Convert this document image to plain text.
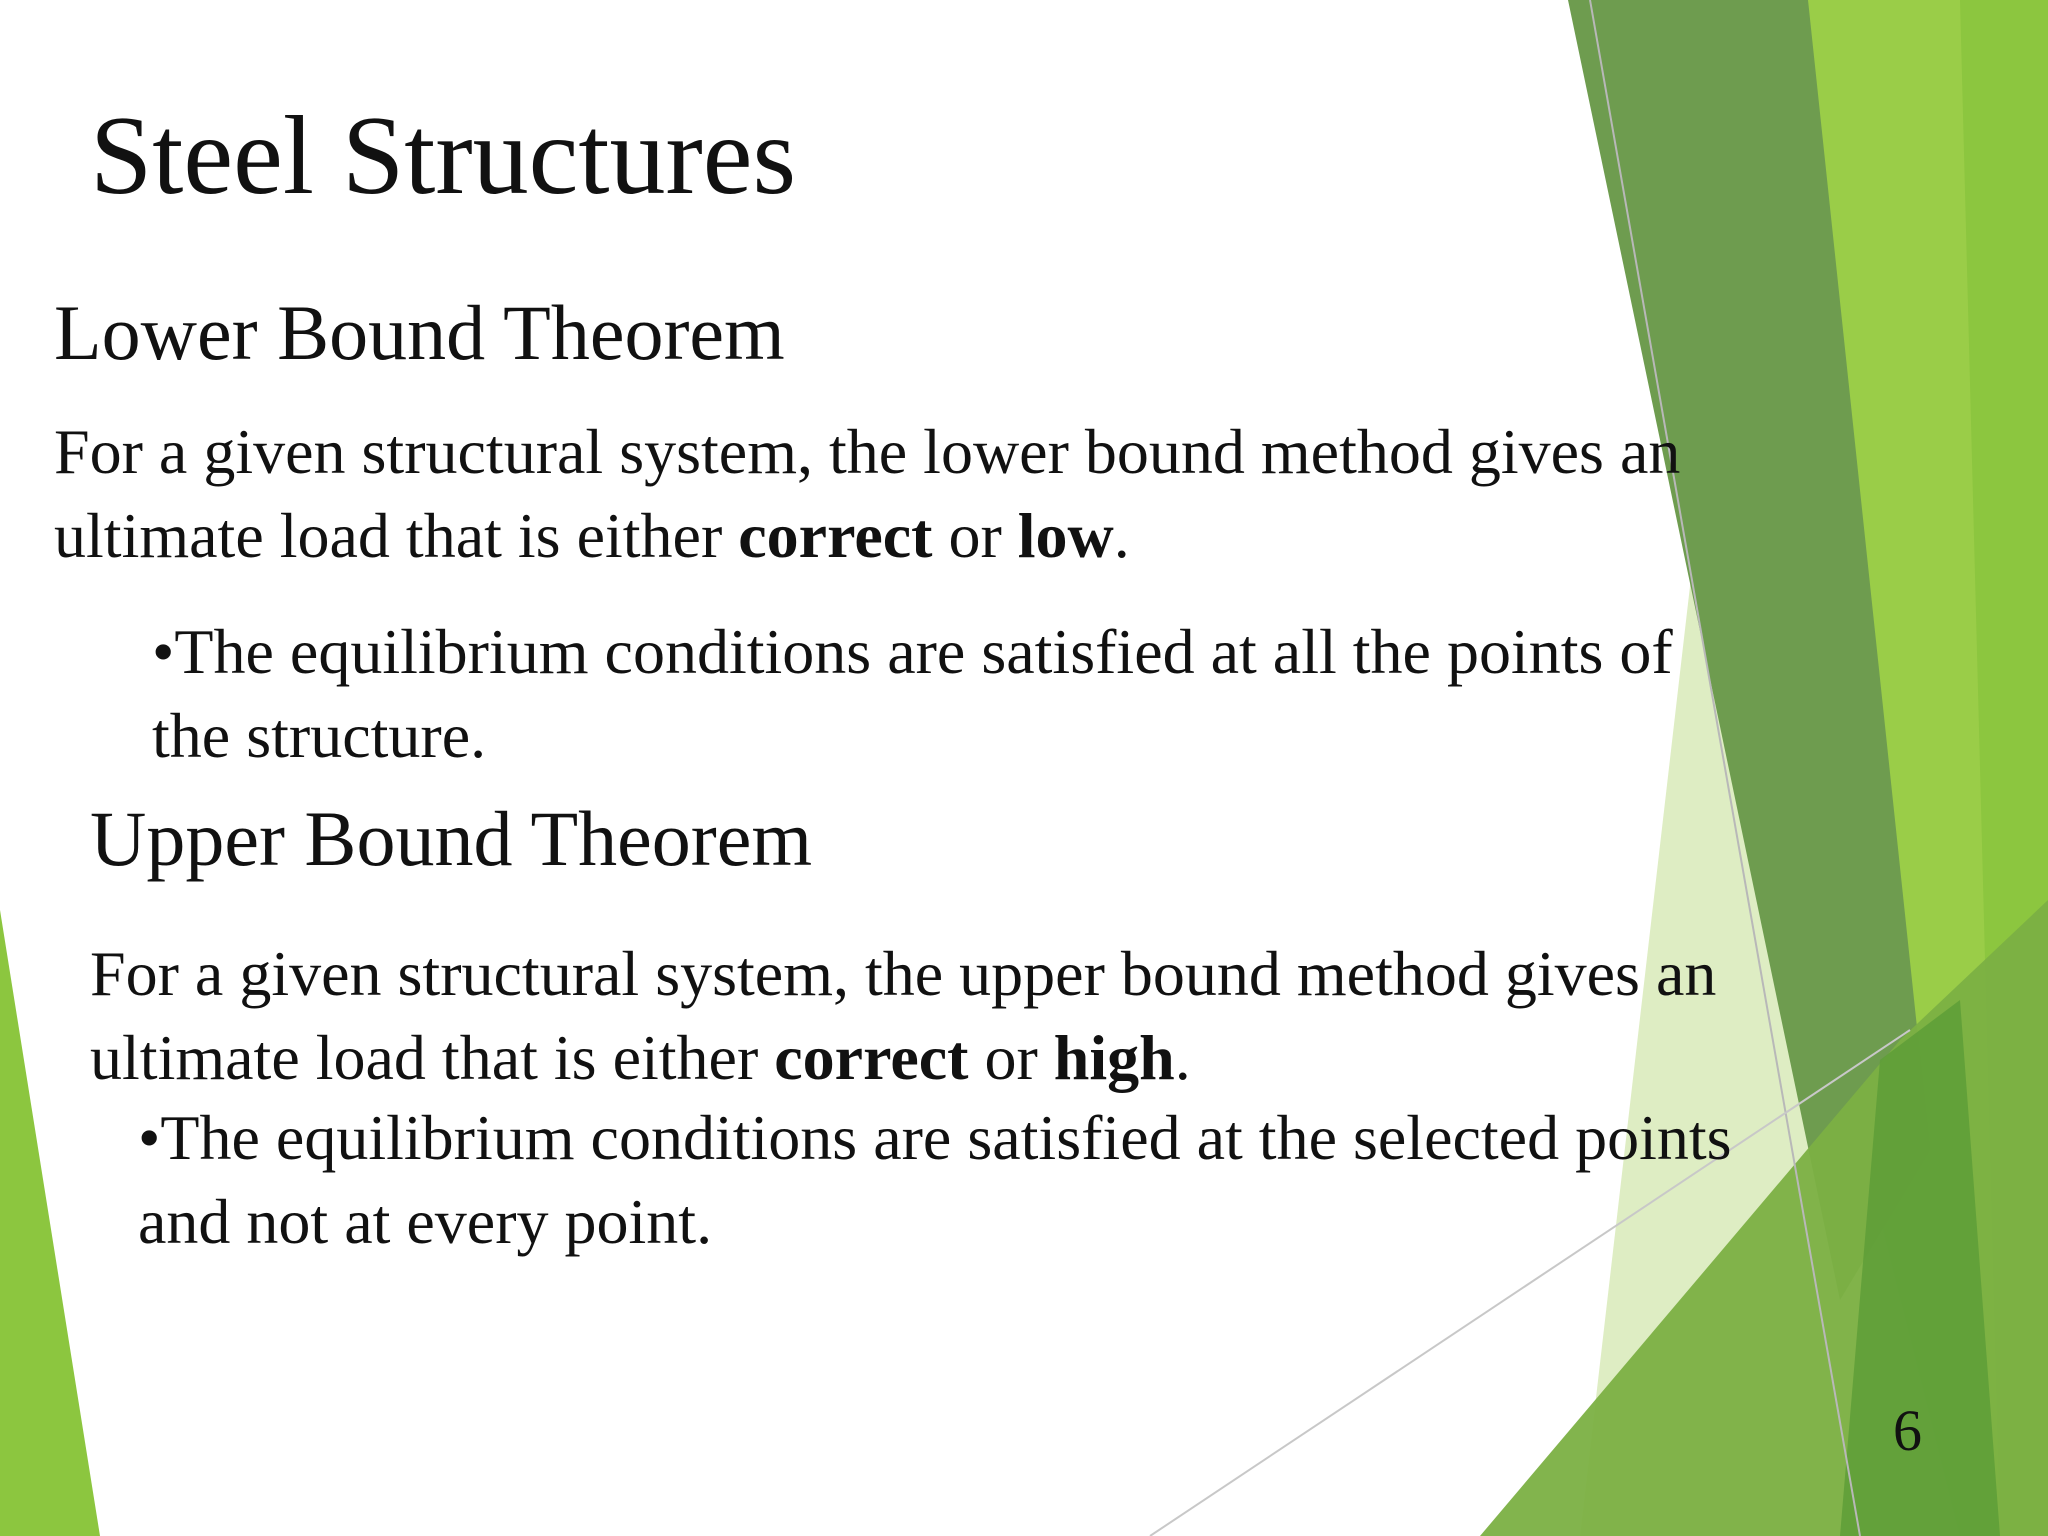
Steel Structures
Lower Bound Theorem
For a given structural system, the lower bound method gives an
ultimate load that is either correct or low.
•The equilibrium conditions are satisfied at all the points of
the structure.
Upper Bound Theorem
For a given structural system, the upper bound method gives an
ultimate load that is either correct or high.
•The equilibrium conditions are satisfied at the selected points
and not at every point.
6
